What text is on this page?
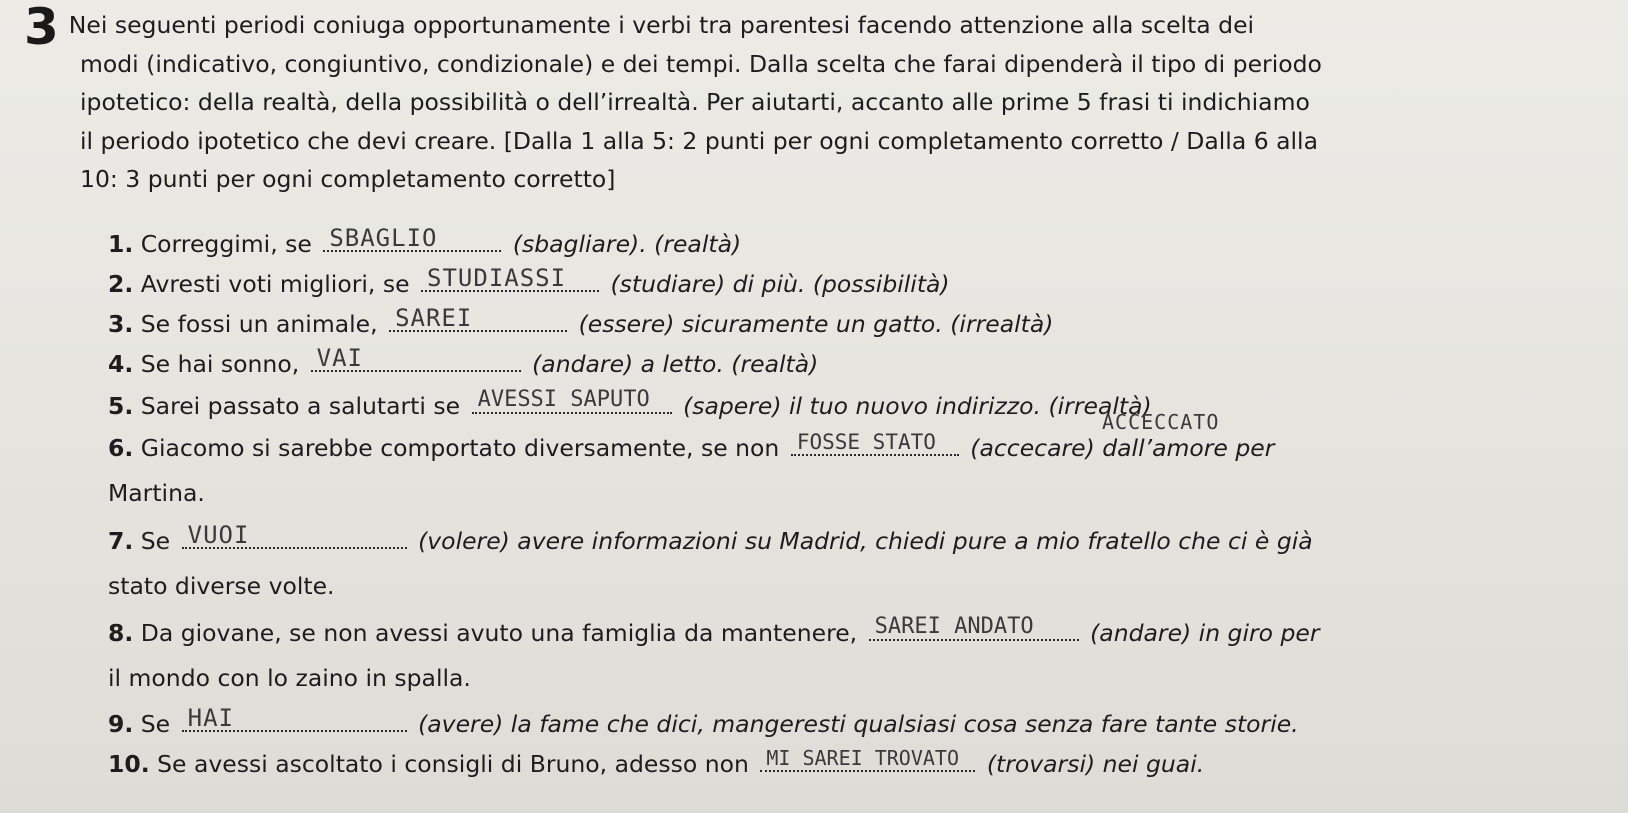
3 Nei seguenti periodi coniuga opportunamente i verbi tra parentesi facendo attenzione alla scelta dei
modi (indicativo, congiuntivo, condizionale) e dei tempi. Dalla scelta che farai dipenderà il tipo di periodo
ipotetico: della realtà, della possibilità o dell’irrealtà. Per aiutarti, accanto alle prime 5 frasi ti indichiamo
il periodo ipotetico che devi creare. [Dalla 1 alla 5: 2 punti per ogni completamento corretto / Dalla 6 alla
10: 3 punti per ogni completamento corretto]
1. Correggimi, se SBAGLIO	(sbagliare). (realtà)
2. Avresti voti migliori, se STUDIASSI (studiare) di più. (possibilità)
3. Se fossi un animale, SAREI	(essere) sicuramente un gatto. (irrealtà)
4. Se hai sonno, VAI	(andare) a letto. (realtà)
5. Sarei passato a salutarti se AVESSI SAPUTO (sapere) il tuo nuovo indirizzo. (irrealtà)
6. Giacomo si sarebbe comportato diversamente, se non FOSSE STATO (accecare) dall’amore per
ACCECCATO
Martina.
7. Se VUOI	(volere) avere informazioni su Madrid, chiedi pure a mio fratello che ci è già
stato diverse volte.
8. Da giovane, se non avessi avuto una famiglia da mantenere, SAREI ANDATO (andare) in giro per
il mondo con lo zaino in spalla.
9. Se HAI	(avere) la fame che dici, mangeresti qualsiasi cosa senza fare tante storie.
10. Se avessi ascoltato i consigli di Bruno, adesso non MI SAREI TROVATO (trovarsi) nei guai.
